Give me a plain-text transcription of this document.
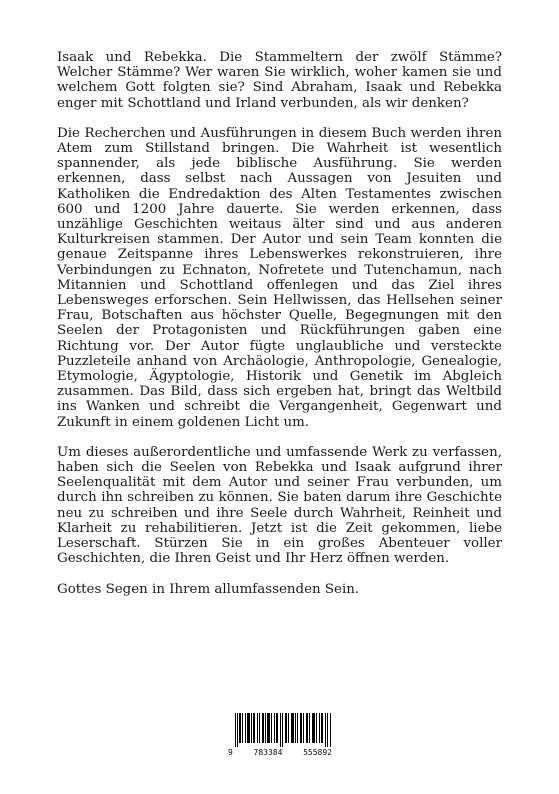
Isaak und Rebekka. Die Stammeltern der zwölf Stämme? Welcher Stämme? Wer waren Sie wirklich, woher kamen sie und welchem Gott folgten sie? Sind Abraham, Isaak und Rebekka enger mit Schottland und Irland verbunden, als wir denken?

Die Recherchen und Ausführungen in diesem Buch werden ihren Atem zum Stillstand bringen. Die Wahrheit ist wesentlich spannender, als jede biblische Ausführung. Sie werden erkennen, dass selbst nach Aussagen von Jesuiten und Katholiken die Endredaktion des Alten Testamentes zwischen 600 und 1200 Jahre dauerte. Sie werden erkennen, dass unzählige Geschichten weitaus älter sind und aus anderen Kulturkreisen stammen. Der Autor und sein Team konnten die genaue Zeitspanne ihres Lebenswerkes rekonstruieren, ihre Verbindungen zu Echnaton, Nofretete und Tutenchamun, nach Mitannien und Schottland offenlegen und das Ziel ihres Lebensweges erforschen. Sein Hellwissen, das Hellsehen seiner Frau, Botschaften aus höchster Quelle, Begegnungen mit den Seelen der Protagonisten und Rückführungen gaben eine Richtung vor. Der Autor fügte unglaubliche und versteckte Puzzleteile anhand von Archäologie, Anthropologie, Genealogie, Etymologie, Ägyptologie, Historik und Genetik im Abgleich zusammen. Das Bild, dass sich ergeben hat, bringt das Weltbild ins Wanken und schreibt die Vergangenheit, Gegenwart und Zukunft in einem goldenen Licht um.

Um dieses außerordentliche und umfassende Werk zu verfassen, haben sich die Seelen von Rebekka und Isaak aufgrund ihrer Seelenqualität mit dem Autor und seiner Frau verbunden, um durch ihn schreiben zu können. Sie baten darum ihre Geschichte neu zu schreiben und ihre Seele durch Wahrheit, Reinheit und Klarheit zu rehabilitieren. Jetzt ist die Zeit gekommen, liebe Leserschaft. Stürzen Sie in ein großes Abenteuer voller Geschichten, die Ihren Geist und Ihr Herz öffnen werden.

Gottes Segen in Ihrem allumfassenden Sein.

9	783384	555892
